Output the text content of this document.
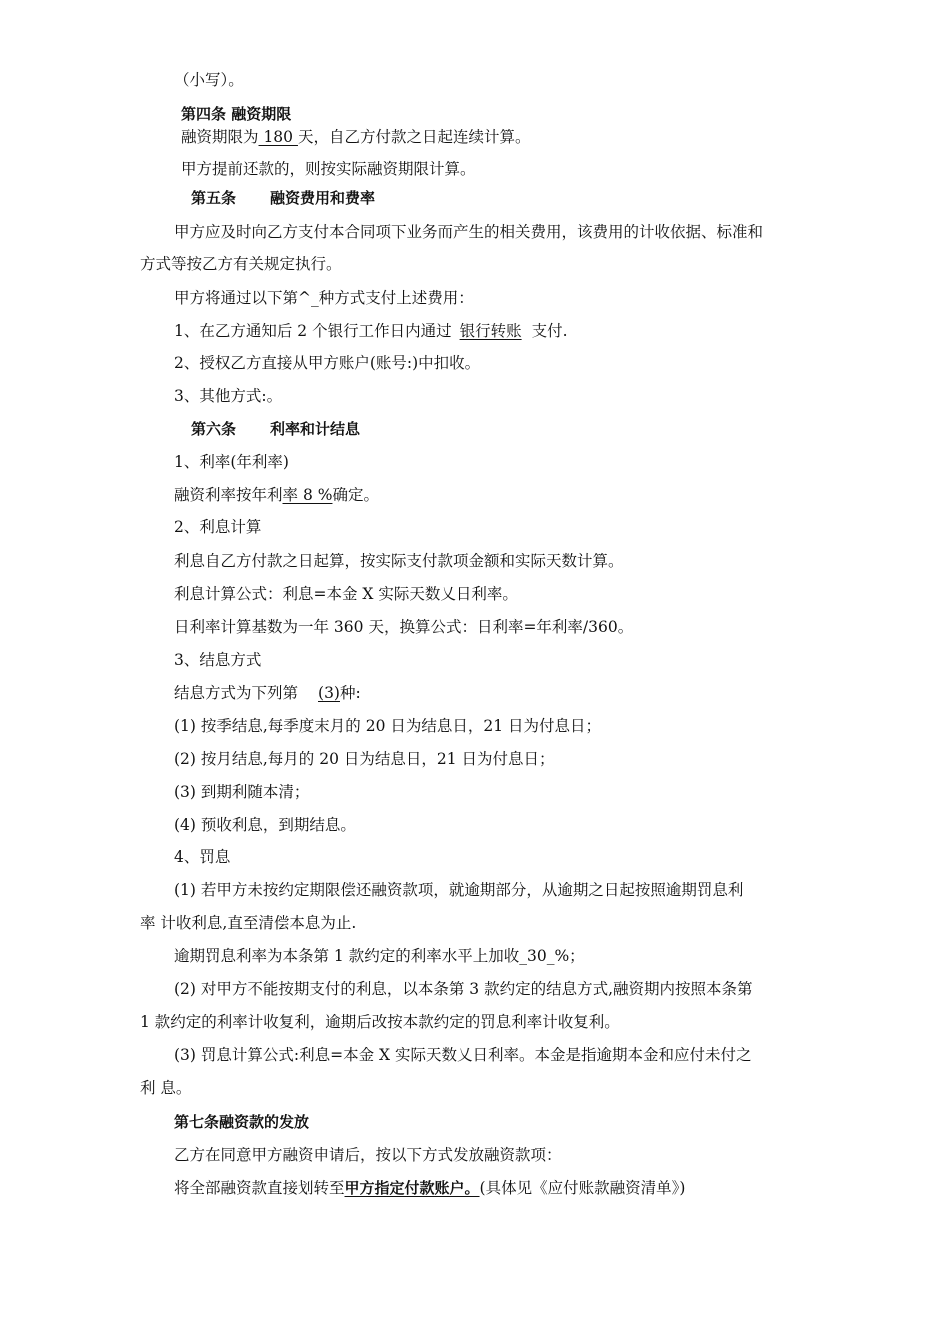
（小写）。
第四条 融资期限
融资期限为 180 天，自乙方付款之日起连续计算。
甲方提前还款的，则按实际融资期限计算。
第五条 融资费用和费率
甲方应及时向乙方支付本合同项下业务而产生的相关费用，该费用的计收依据、标准和
方式等按乙方有关规定执行。
甲方将通过以下第^_种方式支付上述费用：
1、在乙方通知后 2 个银行工作日内通过 银行转账 支付.
2、授权乙方直接从甲方账户(账号:)中扣收。
3、其他方式:。
第六条 利率和计结息
1、利率(年利率)
融资利率按年利率 8 %确定。
2、利息计算
利息自乙方付款之日起算，按实际支付款项金额和实际天数计算。
利息计算公式：利息=本金 X 实际天数乂日利率。
日利率计算基数为一年 360 天，换算公式：日利率=年利率/360。
3、结息方式
结息方式为下列第 (3)种:
(1) 按季结息,每季度末月的 20 日为结息日，21 日为付息日；
(2) 按月结息,每月的 20 日为结息日，21 日为付息日；
(3) 到期利随本清；
(4) 预收利息，到期结息。
4、罚息
(1) 若甲方未按约定期限偿还融资款项，就逾期部分，从逾期之日起按照逾期罚息利
率 计收利息,直至清偿本息为止.
逾期罚息利率为本条第 1 款约定的利率水平上加收_30_%；
(2) 对甲方不能按期支付的利息，以本条第 3 款约定的结息方式,融资期内按照本条第
1 款约定的利率计收复利，逾期后改按本款约定的罚息利率计收复利。
(3) 罚息计算公式:利息=本金 X 实际天数乂日利率。本金是指逾期本金和应付未付之
利 息。
第七条融资款的发放
乙方在同意甲方融资申请后，按以下方式发放融资款项：
将全部融资款直接划转至甲方指定付款账户。(具体见《应付账款融资清单》)
